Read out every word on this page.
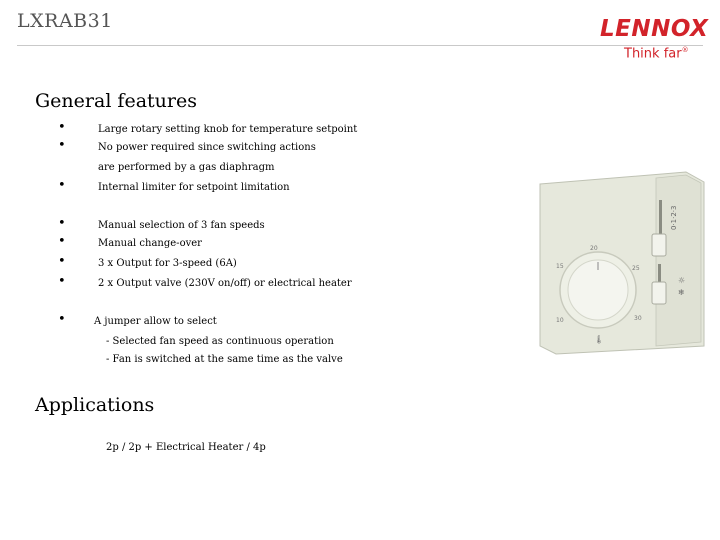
LXRAB31	LENNOX
Think far®
General features
•	Large rotary setting knob for temperature setpoint
•	No power required since switching actions
are performed by a gas diaphragm
•	Internal limiter for setpoint limitation
•	Manual selection of 3 fan speeds
•	Manual change-over
•	3 x Output for 3-speed (6A)
•	2 x Output valve (230V on/off) or electrical heater
•	A jumper allow to select
- Selected fan speed as continuous operation
- Fan is switched at the same time as the valve
Applications
2p / 2p + Electrical Heater / 4p
0·1·2·3
❄
☼
20
15	25
10	30
🌡
